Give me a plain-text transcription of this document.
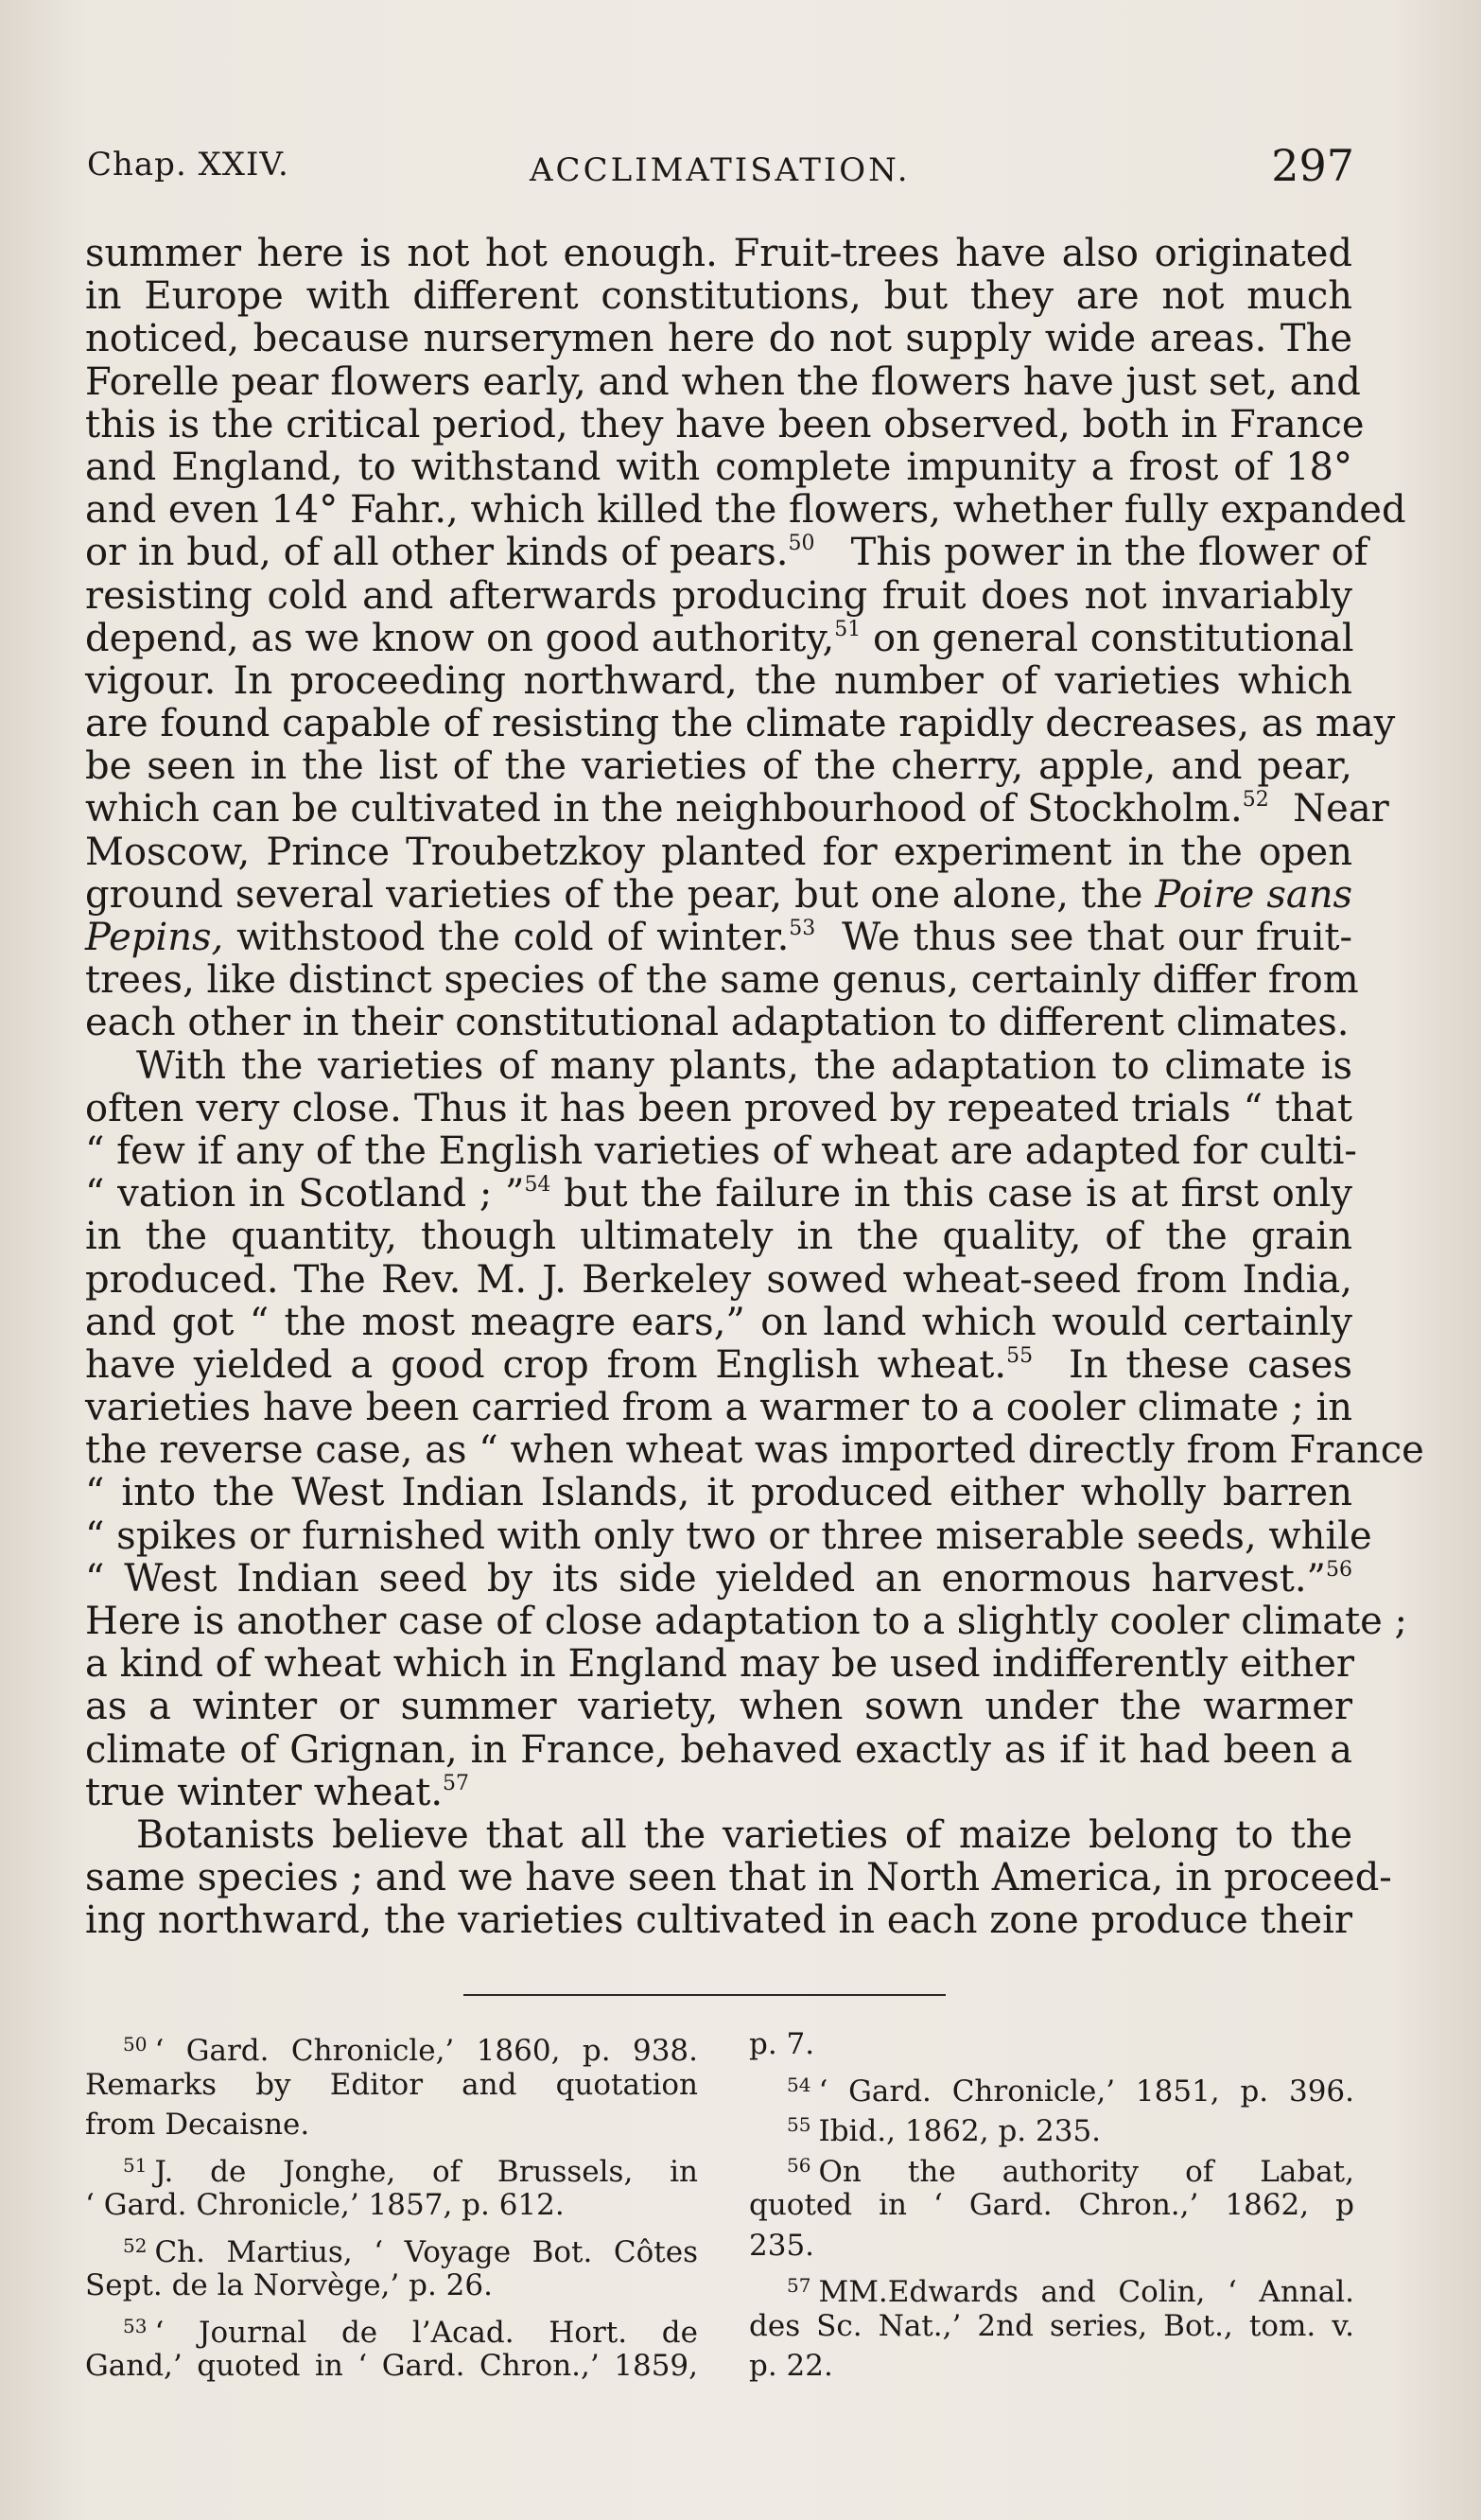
Chap. XXIV.	ACCLIMATISATION.	297
summer here is not hot enough. Fruit-trees have also originated
in Europe with different constitutions, but they are not much
noticed, because nurserymen here do not supply wide areas. The
Forelle pear flowers early, and when the flowers have just set, and
this is the critical period, they have been observed, both in France
and England, to withstand with complete impunity a frost of 18°
and even 14° Fahr., which killed the flowers, whether fully expanded
or in bud, of all other kinds of pears.$^{50}$ This power in the flower of
resisting cold and afterwards producing fruit does not invariably
depend, as we know on good authority,$^{51}$ on general constitutional
vigour. In proceeding northward, the number of varieties which
are found capable of resisting the climate rapidly decreases, as may
be seen in the list of the varieties of the cherry, apple, and pear,
which can be cultivated in the neighbourhood of Stockholm.$^{52}$ Near
Moscow, Prince Troubetzkoy planted for experiment in the open
ground several varieties of the pear, but one alone, the Poire sans
Pepins, withstood the cold of winter.$^{53}$ We thus see that our fruit-
trees, like distinct species of the same genus, certainly differ from
each other in their constitutional adaptation to different climates.
With the varieties of many plants, the adaptation to climate is
often very close. Thus it has been proved by repeated trials “ that
“ few if any of the English varieties of wheat are adapted for culti-
“ vation in Scotland ; ”$^{54}$ but the failure in this case is at first only
in the quantity, though ultimately in the quality, of the grain
produced. The Rev. M. J. Berkeley sowed wheat-seed from India,
and got “ the most meagre ears,” on land which would certainly
have yielded a good crop from English wheat.$^{55}$ In these cases
varieties have been carried from a warmer to a cooler climate ; in
the reverse case, as “ when wheat was imported directly from France
“ into the West Indian Islands, it produced either wholly barren
“ spikes or furnished with only two or three miserable seeds, while
“ West Indian seed by its side yielded an enormous harvest.”$^{56}$
Here is another case of close adaptation to a slightly cooler climate ;
a kind of wheat which in England may be used indifferently either
as a winter or summer variety, when sown under the warmer
climate of Grignan, in France, behaved exactly as if it had been a
true winter wheat.$^{57}$
Botanists believe that all the varieties of maize belong to the
same species ; and we have seen that in North America, in proceed-
ing northward, the varieties cultivated in each zone produce their
$^{50}$ ‘ Gard. Chronicle,’ 1860, p. 938.
Remarks by Editor and quotation
from Decaisne.
$^{51}$ J. de Jonghe, of Brussels, in
‘ Gard. Chronicle,’ 1857, p. 612.
$^{52}$ Ch. Martius, ‘ Voyage Bot. Côtes
Sept. de la Norvège,’ p. 26.
$^{53}$ ‘ Journal de l’Acad. Hort. de
Gand,’ quoted in ‘ Gard. Chron.,’ 1859,
p. 7.
$^{54}$ ‘ Gard. Chronicle,’ 1851, p. 396.
$^{55}$ Ibid., 1862, p. 235.
$^{56}$ On the authority of Labat,
quoted in ‘ Gard. Chron.,’ 1862, p
235.
$^{57}$ MM.Edwards and Colin, ‘ Annal.
des Sc. Nat.,’ 2nd series, Bot., tom. v.
p. 22.
